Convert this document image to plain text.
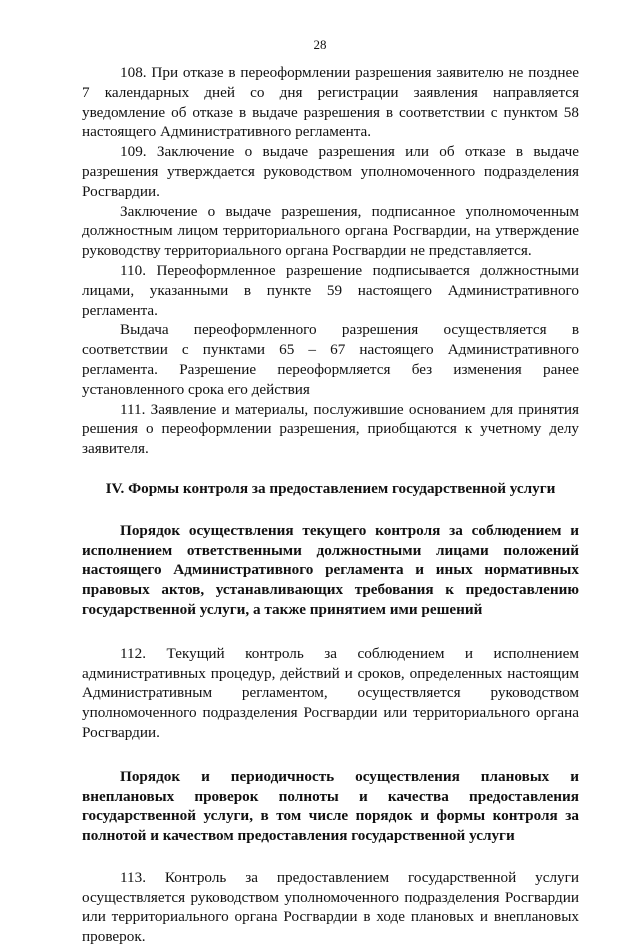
28

108. При отказе в переоформлении разрешения заявителю не позднее 7 календарных дней со дня регистрации заявления направляется уведомление об отказе в выдаче разрешения в соответствии с пунктом 58 настоящего Административного регламента.

109. Заключение о выдаче разрешения или об отказе в выдаче разрешения утверждается руководством уполномоченного подразделения Росгвардии.

Заключение о выдаче разрешения, подписанное уполномоченным должностным лицом территориального органа Росгвардии, на утверждение руководству территориального органа Росгвардии не представляется.

110. Переоформленное разрешение подписывается должностными лицами, указанными в пункте 59 настоящего Административного регламента.

Выдача переоформленного разрешения осуществляется в соответствии с пунктами 65 – 67 настоящего Административного регламента. Разрешение переоформляется без изменения ранее установленного срока его действия

111. Заявление и материалы, послужившие основанием для принятия решения о переоформлении разрешения, приобщаются к учетному делу заявителя.

IV. Формы контроля за предоставлением государственной услуги
Порядок осуществления текущего контроля за соблюдением и исполнением ответственными должностными лицами положений настоящего Административного регламента и иных нормативных правовых актов, устанавливающих требования к предоставлению государственной услуги, а также принятием ими решений

112. Текущий контроль за соблюдением и исполнением административных процедур, действий и сроков, определенных настоящим Административным регламентом, осуществляется руководством уполномоченного подразделения Росгвардии или территориального органа Росгвардии.

Порядок и периодичность осуществления плановых и внеплановых проверок полноты и качества предоставления государственной услуги, в том числе порядок и формы контроля за полнотой и качеством предоставления государственной услуги

113. Контроль за предоставлением государственной услуги осуществляется руководством уполномоченного подразделения Росгвардии или территориального органа Росгвардии в ходе плановых и внеплановых проверок.
